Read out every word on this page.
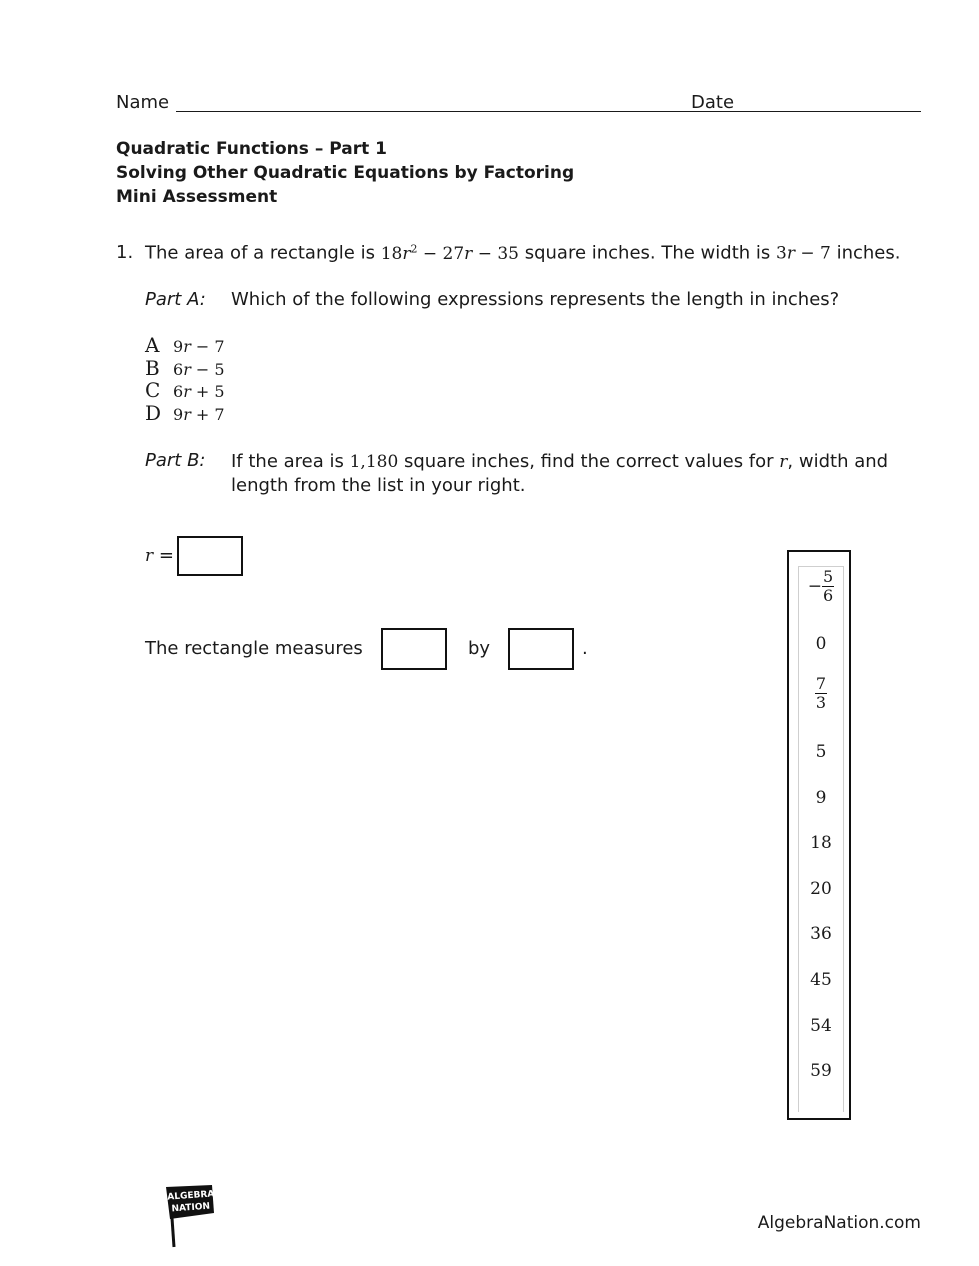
Name	Date
Quadratic Functions – Part 1
Solving Other Quadratic Equations by Factoring
Mini Assessment
1. The area of a rectangle is $18r^2 - 27r - 35$ square inches. The width is 3r − 7 inches.
Part A: Which of the following expressions represents the length in inches?
A 9r − 7
B 6r − 5
C 6r + 5
D 9r + 7
Part B: If the area is 1,180 square inches, find the correct values for r, width and length from the list in your right.
r =
The rectangle measures	by	.
− $\frac{5}{6}$
0
$\frac{7}{3}$
5
9
18
20
36
45
54
59
ALGEBRA
NATION
AlgebraNation.com
